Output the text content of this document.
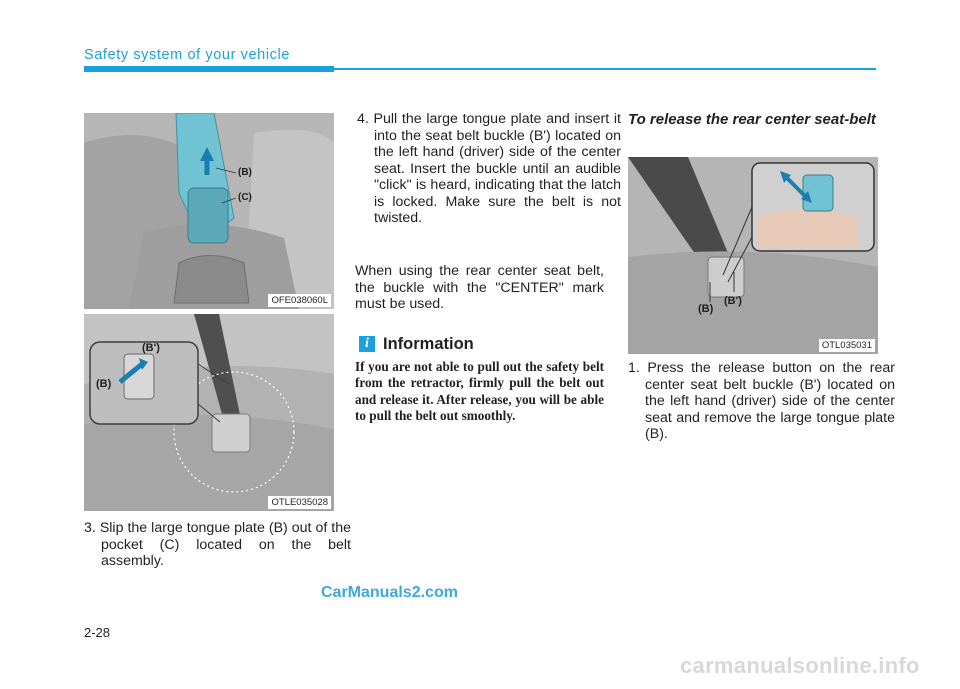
Safety system of your vehicle
(B)
(C)
OFE038060L
(B')
(B)
OTLE035028
3. Slip the large tongue plate (B) out of the pocket (C) located on the belt assembly.
4. Pull the large tongue plate and insert it into the seat belt buckle (B') located on the left hand (driver) side of the center seat. Insert the buckle until an audible "click" is heard, indicating that the latch is locked. Make sure the belt is not twisted.
When using the rear center seat belt, the buckle with the "CENTER" mark must be used.
i Information
If you are not able to pull out the safety belt from the retractor, firmly pull the belt out and release it. After release, you will be able to pull the belt out smoothly.
To release the rear center seat-belt
(B)
(B')
OTL035031
1. Press the release button on the rear center seat belt buckle (B') located on the left hand (driver) side of the center seat and remove the large tongue plate (B).
2-28
CarManuals2.com
carmanualsonline.info
